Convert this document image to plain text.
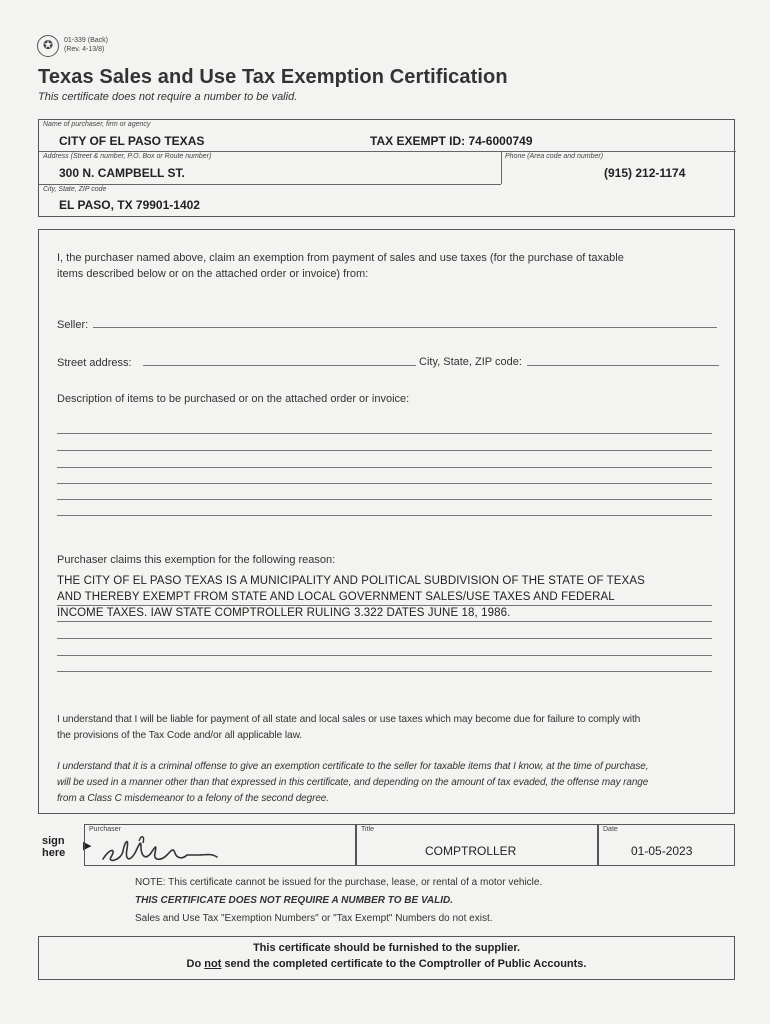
✪	01-339 (Back)
(Rev. 4-13/8)
Texas Sales and Use Tax Exemption Certification
This certificate does not require a number to be valid.
Name of purchaser, firm or agency
CITY OF EL PASO TEXAS	TAX EXEMPT ID: 74-6000749
Address (Street & number, P.O. Box or Route number)
300 N. CAMPBELL ST.
Phone (Area code and number)
(915) 212-1174
City, State, ZIP code
EL PASO, TX 79901-1402
I, the purchaser named above, claim an exemption from payment of sales and use taxes (for the purchase of taxable
items described below or on the attached order or invoice) from:
Seller:
Street address:	City, State, ZIP code:
Description of items to be purchased or on the attached order or invoice:
Purchaser claims this exemption for the following reason:
THE CITY OF EL PASO TEXAS IS A MUNICIPALITY AND POLITICAL SUBDIVISION OF THE STATE OF TEXAS
AND THEREBY EXEMPT FROM STATE AND LOCAL GOVERNMENT SALES/USE TAXES AND FEDERAL
INCOME TAXES. IAW STATE COMPTROLLER RULING 3.322 DATES JUNE 18, 1986.
I understand that I will be liable for payment of all state and local sales or use taxes which may become due for failure to comply with
the provisions of the Tax Code and/or all applicable law.
I understand that it is a criminal offense to give an exemption certificate to the seller for taxable items that I know, at the time of purchase,
will be used in a manner other than that expressed in this certificate, and depending on the amount of tax evaded, the offense may range
from a Class C misdemeanor to a felony of the second degree.
sign
here
▶
Purchaser	Title
COMPTROLLER
Date
01-05-2023
NOTE: This certificate cannot be issued for the purchase, lease, or rental of a motor vehicle.
THIS CERTIFICATE DOES NOT REQUIRE A NUMBER TO BE VALID.
Sales and Use Tax "Exemption Numbers" or "Tax Exempt" Numbers do not exist.
This certificate should be furnished to the supplier.
Do not send the completed certificate to the Comptroller of Public Accounts.
